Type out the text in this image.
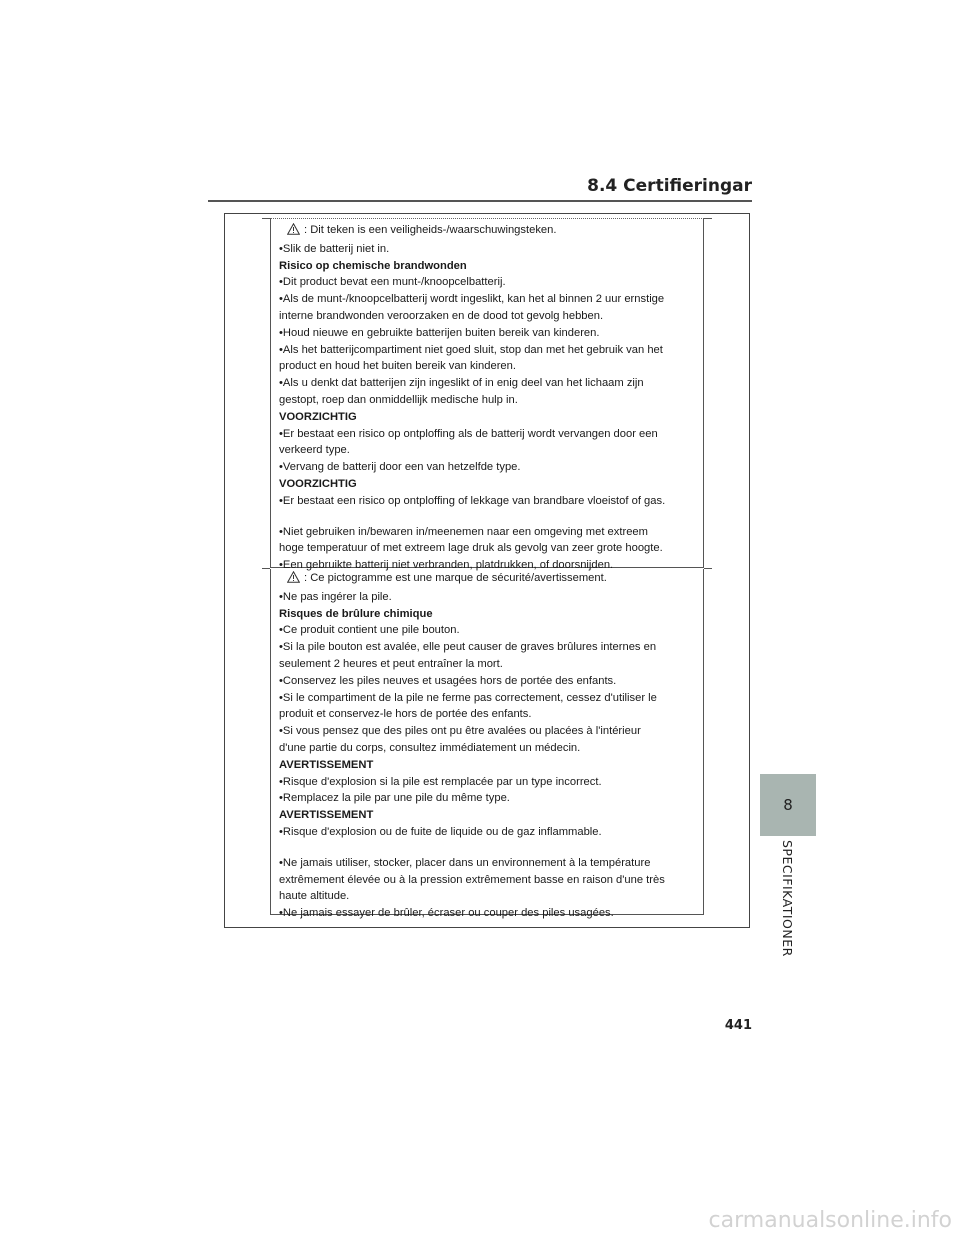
8.4 Certifieringar
: Dit teken is een veiligheids-/waarschuwingsteken.
•Slik de batterij niet in.
Risico op chemische brandwonden
•Dit product bevat een munt-/knoopcelbatterij.
•Als de munt-/knoopcelbatterij wordt ingeslikt, kan het al binnen 2 uur ernstige
interne brandwonden veroorzaken en de dood tot gevolg hebben.
•Houd nieuwe en gebruikte batterijen buiten bereik van kinderen.
•Als het batterijcompartiment niet goed sluit, stop dan met het gebruik van het
product en houd het buiten bereik van kinderen.
•Als u denkt dat batterijen zijn ingeslikt of in enig deel van het lichaam zijn
gestopt, roep dan onmiddellijk medische hulp in.
VOORZICHTIG
•Er bestaat een risico op ontploffing als de batterij wordt vervangen door een
verkeerd type.
•Vervang de batterij door een van hetzelfde type.
VOORZICHTIG
•Er bestaat een risico op ontploffing of lekkage van brandbare vloeistof of gas.
•Niet gebruiken in/bewaren in/meenemen naar een omgeving met extreem
hoge temperatuur of met extreem lage druk als gevolg van zeer grote hoogte.
•Een gebruikte batterij niet verbranden, platdrukken, of doorsnijden.
: Ce pictogramme est une marque de sécurité/avertissement.
•Ne pas ingérer la pile.
Risques de brûlure chimique
•Ce produit contient une pile bouton.
•Si la pile bouton est avalée, elle peut causer de graves brûlures internes en
seulement 2 heures et peut entraîner la mort.
•Conservez les piles neuves et usagées hors de portée des enfants.
•Si le compartiment de la pile ne ferme pas correctement, cessez d'utiliser le
produit et conservez-le hors de portée des enfants.
•Si vous pensez que des piles ont pu être avalées ou placées à l'intérieur
d'une partie du corps, consultez immédiatement un médecin.
AVERTISSEMENT
•Risque d'explosion si la pile est remplacée par un type incorrect.
•Remplacez la pile par une pile du même type.
AVERTISSEMENT
•Risque d'explosion ou de fuite de liquide ou de gaz inflammable.
•Ne jamais utiliser, stocker, placer dans un environnement à la température
extrêmement élevée ou à la pression extrêmement basse en raison d'une très
haute altitude.
•Ne jamais essayer de brûler, écraser ou couper des piles usagées.
8
SPECIFIKATIONER
441
carmanualsonline.info
